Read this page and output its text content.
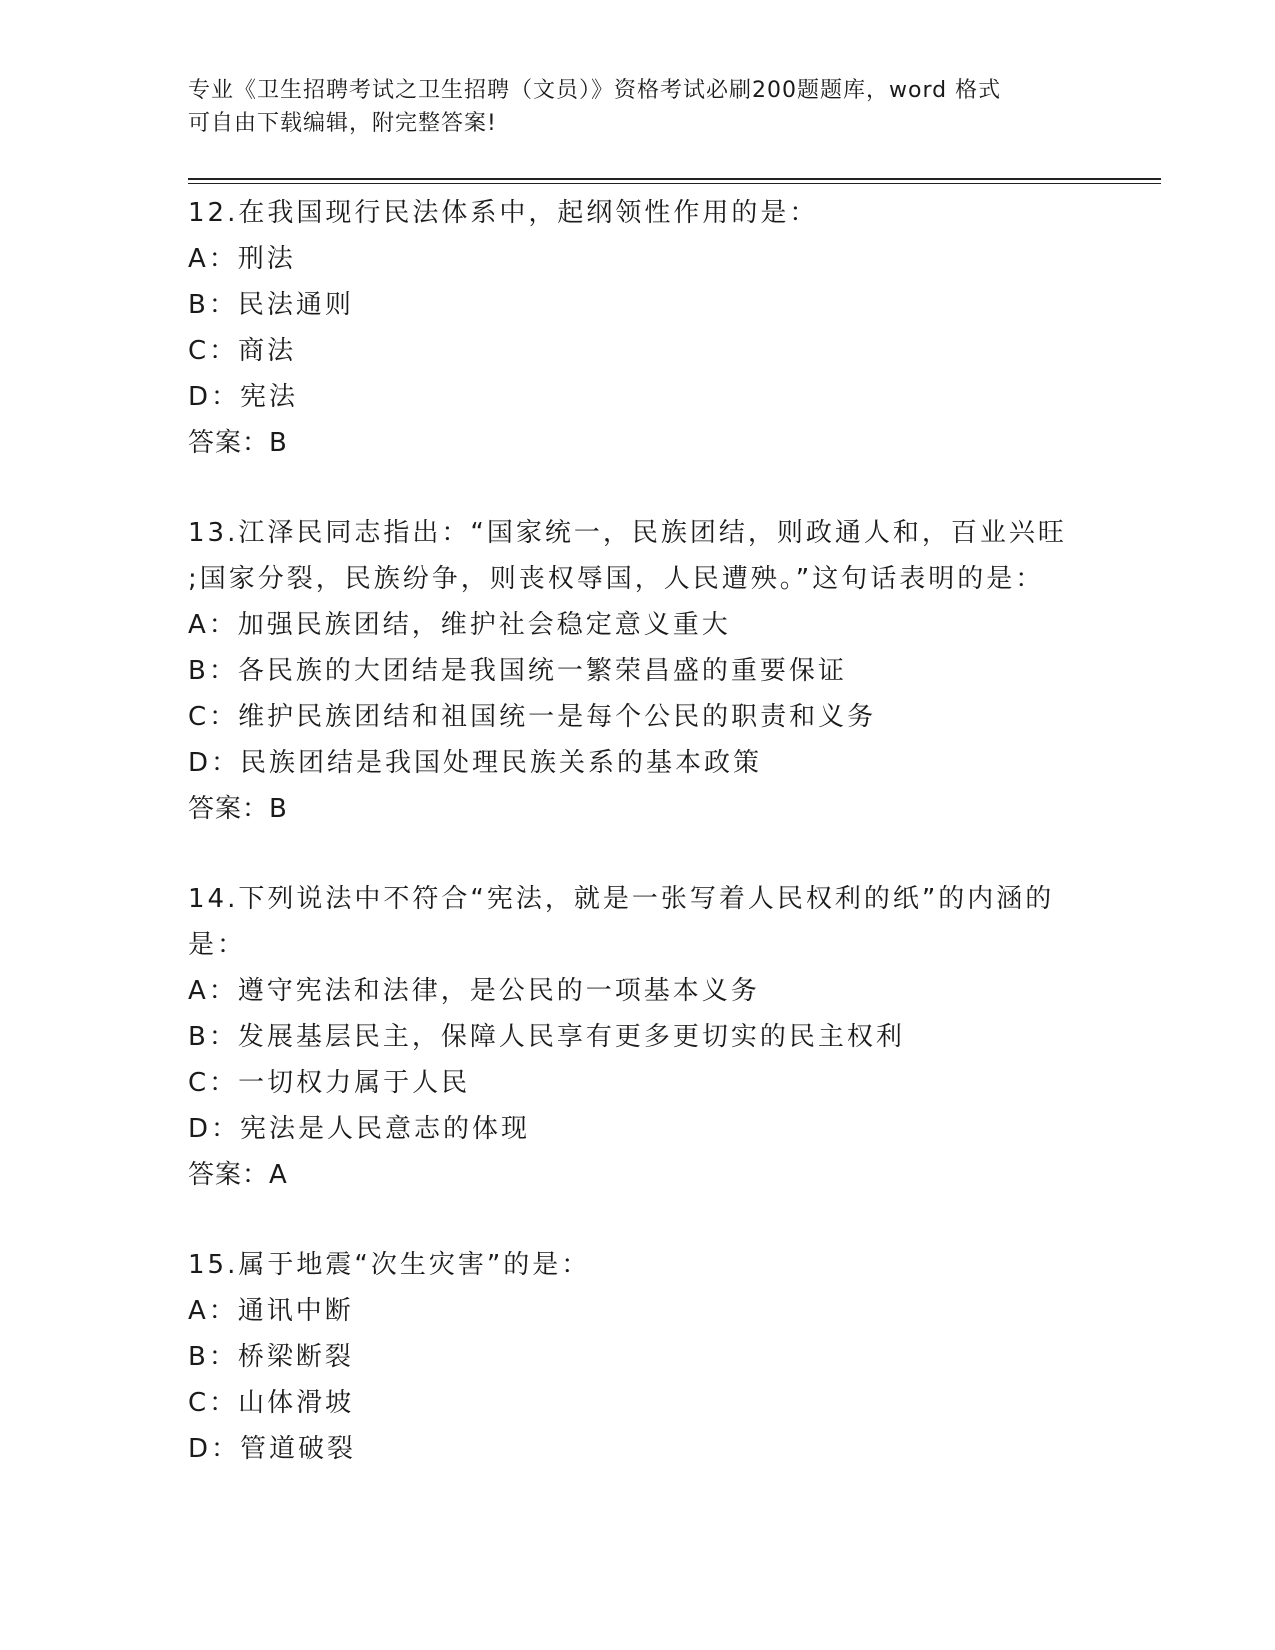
专业《卫生招聘考试之卫生招聘（文员）》资格考试必刷200题题库，word 格式
可自由下载编辑，附完整答案!
12.在我国现行民法体系中，起纲领性作用的是：
A：刑法
B：民法通则
C：商法
D：宪法
答案：B
13.江泽民同志指出：“国家统一，民族团结，则政通人和，百业兴旺
;国家分裂，民族纷争，则丧权辱国，人民遭殃。”这句话表明的是：
A：加强民族团结，维护社会稳定意义重大
B：各民族的大团结是我国统一繁荣昌盛的重要保证
C：维护民族团结和祖国统一是每个公民的职责和义务
D：民族团结是我国处理民族关系的基本政策
答案：B
14.下列说法中不符合“宪法，就是一张写着人民权利的纸”的内涵的
是：
A：遵守宪法和法律，是公民的一项基本义务
B：发展基层民主，保障人民享有更多更切实的民主权利
C：一切权力属于人民
D：宪法是人民意志的体现
答案：A
15.属于地震“次生灾害”的是：
A：通讯中断
B：桥梁断裂
C：山体滑坡
D：管道破裂
